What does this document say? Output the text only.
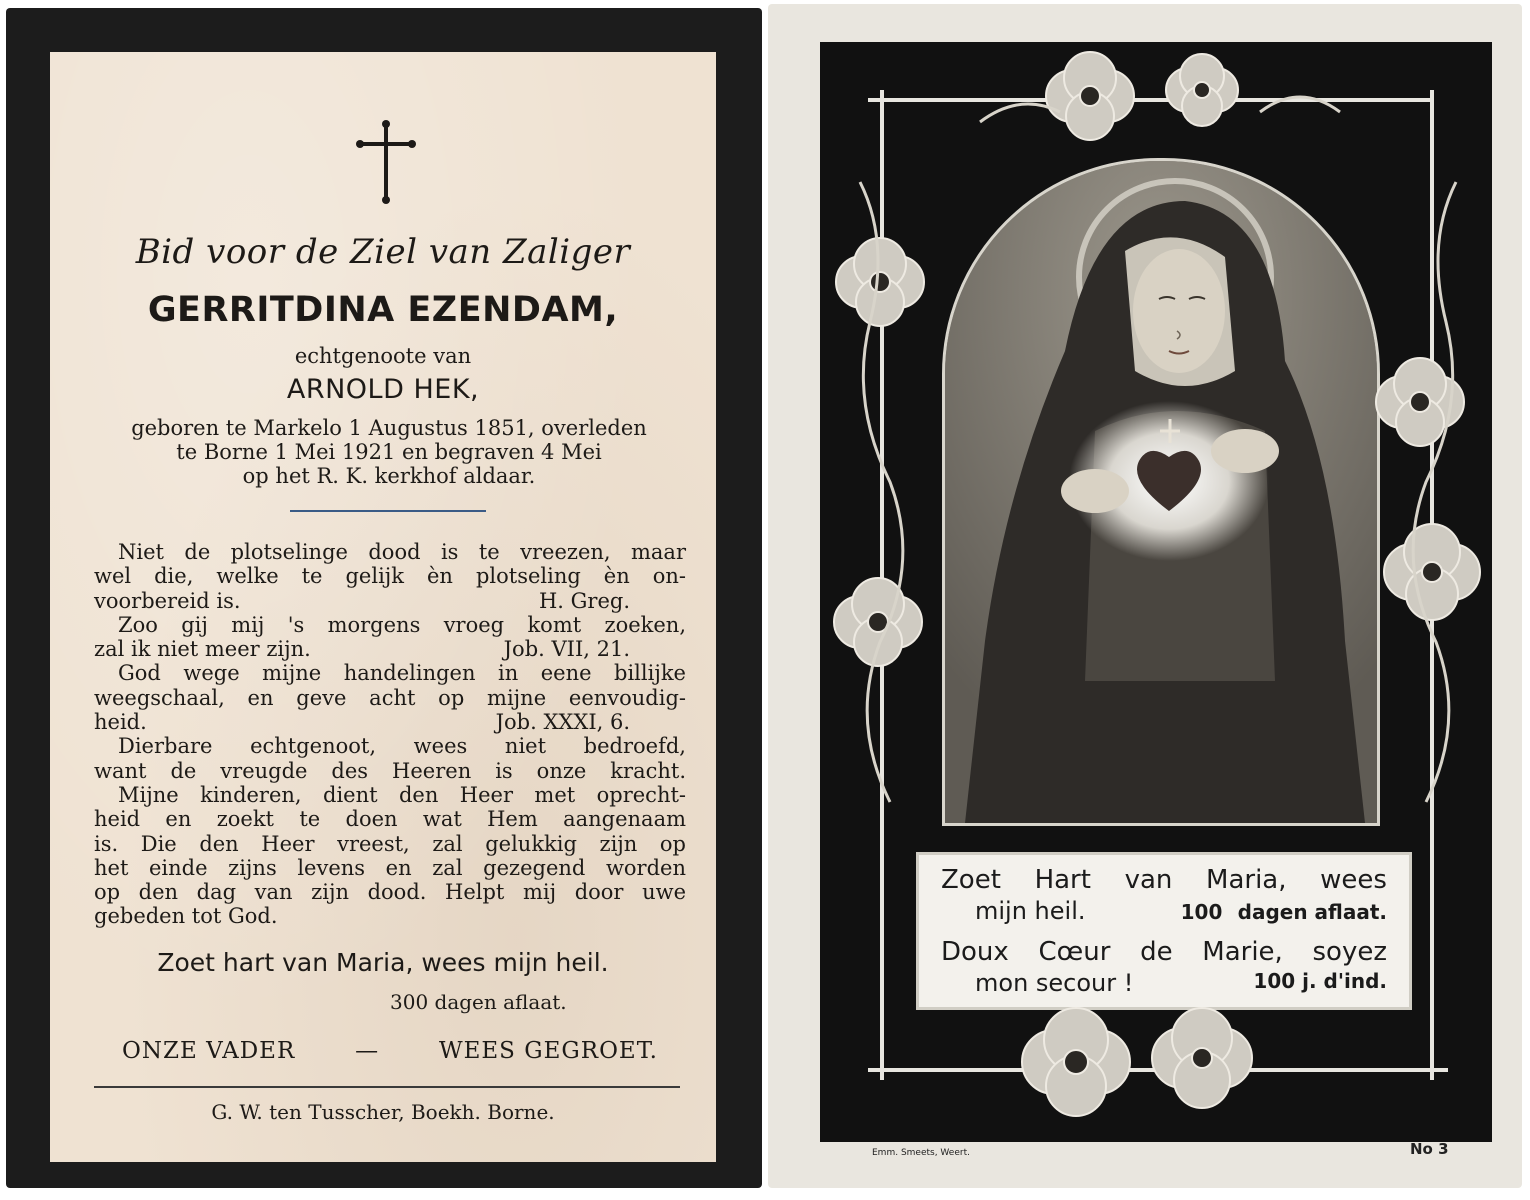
Bid voor de Ziel van Zaliger
GERRITDINA EZENDAM,
echtgenoote van
ARNOLD HEK,
geboren te Markelo 1 Augustus 1851, overleden
te Borne 1 Mei 1921 en begraven 4 Mei
op het R. K. kerkhof aldaar.
Niet de plotselinge dood is te vreezen, maar
wel die, welke te gelijk èn plotseling èn on-
voorbereid is.	H. Greg.
Zoo gij mij 's morgens vroeg komt zoeken,
zal ik niet meer zijn.	Job. VII, 21.
God wege mijne handelingen in eene billijke
weegschaal, en geve acht op mijne eenvoudig-
heid.	Job. XXXI, 6.
Dierbare echtgenoot, wees niet bedroefd,
want de vreugde des Heeren is onze kracht.
Mijne kinderen, dient den Heer met oprecht-
heid en zoekt te doen wat Hem aangenaam
is. Die den Heer vreest, zal gelukkig zijn op
het einde zijns levens en zal gezegend worden
op den dag van zijn dood. Helpt mij door uwe
gebeden tot God.
Zoet hart van Maria, wees mijn heil.
300 dagen aflaat.
ONZE VADER	—	WEES GEGROET.
G. W. ten Tusscher, Boekh. Borne.
Zoet Hart van Maria, wees
mijn heil.	100 dagen aflaat.
Doux Cœur de Marie, soyez
mon secour !	100 j. d'ind.
Emm. Smeets, Weert.	No 3
